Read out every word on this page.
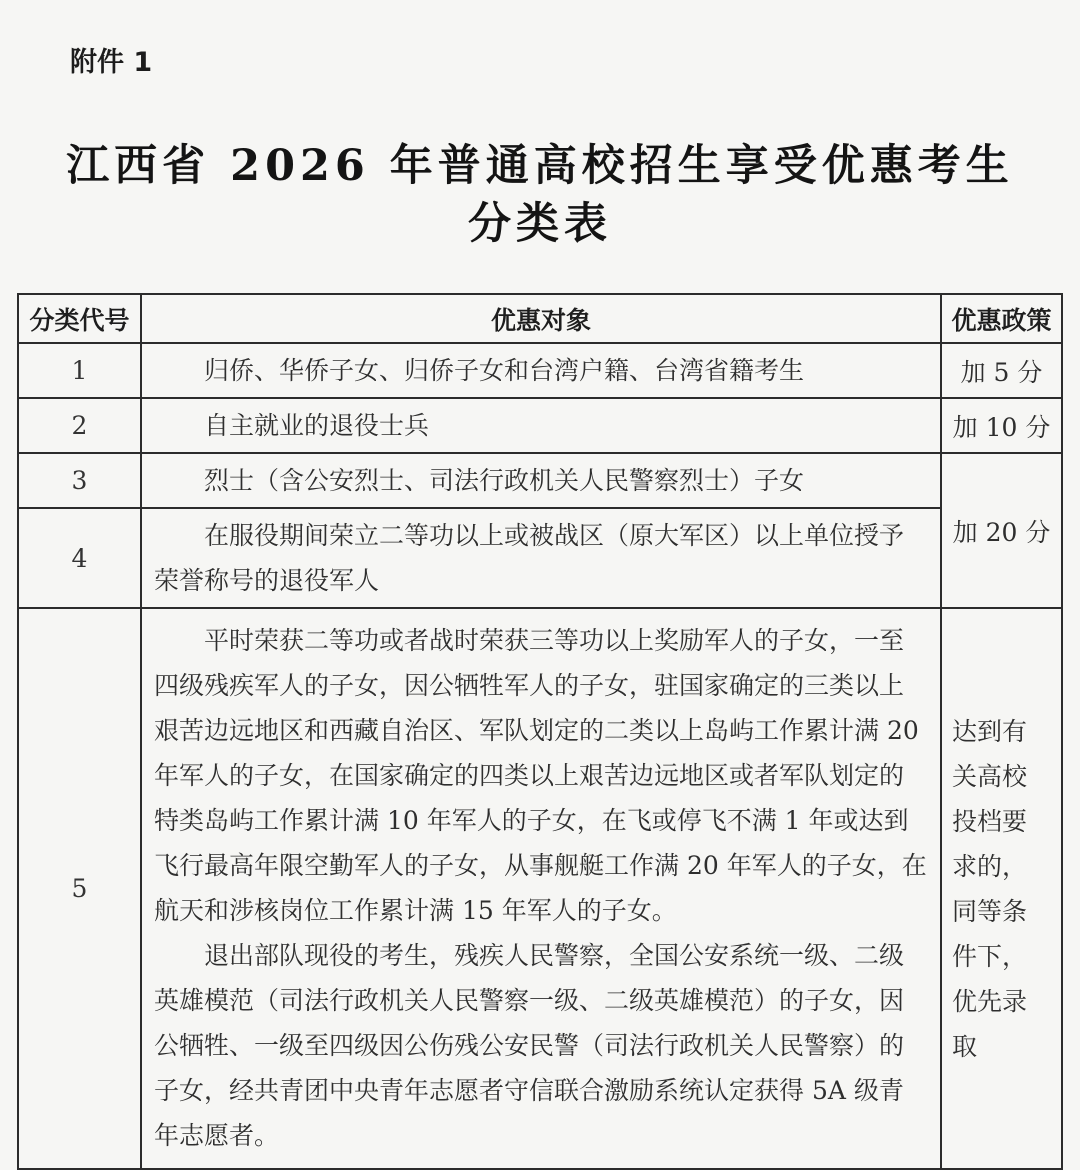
附件 1
江西省 2026 年普通高校招生享受优惠考生
分类表
分类代号	优惠对象	优惠政策
1	归侨、华侨子女、归侨子女和台湾户籍、台湾省籍考生	加 5 分
2	自主就业的退役士兵	加 10 分
3	烈士（含公安烈士、司法行政机关人民警察烈士）子女	加 20 分
4	在服役期间荣立二等功以上或被战区（原大军区）以上单位授予荣誉称号的退役军人	

5	平时荣获二等功或者战时荣获三等功以上奖励军人的子女，一至四级残疾军人的子女，因公牺牲军人的子女，驻国家确定的三类以上艰苦边远地区和西藏自治区、军队划定的二类以上岛屿工作累计满 20 年军人的子女，在国家确定的四类以上艰苦边远地区或者军队划定的特类岛屿工作累计满 10 年军人的子女，在飞或停飞不满 1 年或达到飞行最高年限空勤军人的子女，从事舰艇工作满 20 年军人的子女，在航天和涉核岗位工作累计满 15 年军人的子女。

退出部队现役的考生，残疾人民警察，全国公安系统一级、二级英雄模范（司法行政机关人民警察一级、二级英雄模范）的子女，因公牺牲、一级至四级因公伤残公安民警（司法行政机关人民警察）的子女，经共青团中央青年志愿者守信联合激励系统认定获得 5A 级青年志愿者。	达到有关高校投档要求的，同等条件下，优先录取
